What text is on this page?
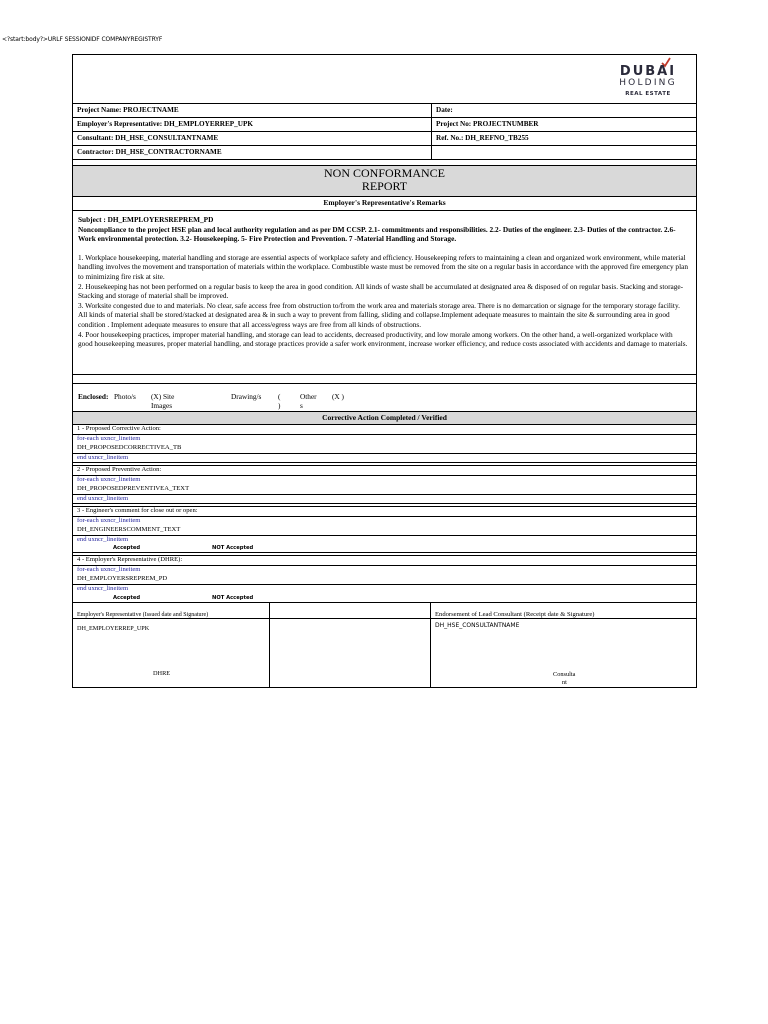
<?start:body?>URLF SESSIONIDF COMPANYREGISTRYF
DUBAI
HOLDING
REAL ESTATE
Project Name: PROJECTNAME	Date:
Employer's Representative: DH_EMPLOYERREP_UPK	Project No: PROJECTNUMBER
Consultant: DH_HSE_CONSULTANTNAME	Ref. No.: DH_REFNO_TB255
Contractor: DH_HSE_CONTRACTORNAME
NON CONFORMANCE
REPORT
Employer's Representative's Remarks
Subject : DH_EMPLOYERSREPREM_PD
Noncompliance to the project HSE plan and local authority regulation and as per DM CCSP. 2.1- commitments and responsibilities. 2.2- Duties of the engineer. 2.3- Duties of the contractor. 2.6- Work environmental protection. 3.2- Housekeeping. 5- Fire Protection and Prevention. 7 -Material Handling and Storage.
1. Workplace housekeeping, material handling and storage are essential aspects of workplace safety and efficiency. Housekeeping refers to maintaining a clean and organized work environment, while material handling involves the movement and transportation of materials within the workplace. Combustible waste must be removed from the site on a regular basis in accordance with the approved fire emergency plan to minimizing fire risk at site.
2. Housekeeping has not been performed on a regular basis to keep the area in good condition. All kinds of waste shall be accumulated at designated area & disposed of on regular basis. Stacking and storage- Stacking and storage of material shall be improved.
3. Worksite congested due to and materials. No clear, safe access free from obstruction to/from the work area and materials storage area. There is no demarcation or signage for the temporary storage facility. All kinds of material shall be stored/stacked at designated area & in such a way to prevent from falling, sliding and collapse.Implement adequate measures to maintain the site & surrounding area in good condition . Implement adequate measures to ensure that all access/egress ways are free from all kinds of obstructions.
4. Poor housekeeping practices, improper material handling, and storage can lead to accidents, decreased productivity, and low morale among workers. On the other hand, a well-organized workplace with good housekeeping measures, proper material handling, and storage practices provide a safer work environment, increase worker efficiency, and reduce costs associated with accidents and damage to materials.
Enclosed: Photo/s (X) Site
Images
Drawing/s (
)
Other
s
(X )
Corrective Action Completed / Verified
1 - Proposed Corrective Action:
for-each uxncr_lineitem
DH_PROPOSEDCORRECTIVEA_TB
end uxncr_lineitem
2 - Proposed Preventive Action:
for-each uxncr_lineitem
DH_PROPOSEDPREVENTIVEA_TEXT
end uxncr_lineitem
3 - Engineer's comment for close out or open:
for-each uxncr_lineitem
DH_ENGINEERSCOMMENT_TEXT
end uxncr_lineitem
Accepted	NOT Accepted
4 - Employer's Representative (DHRE):
for-each uxncr_lineitem
DH_EMPLOYERSREPREM_PD
end uxncr_lineitem
Accepted	NOT Accepted
Employer's Representative (Issued date and Signature)	Endorsement of Lead Consultant (Receipt date & Signature)
DH_EMPLOYERREP_UPK	DH_HSE_CONSULTANTNAME
DHRE	Consulta
nt
